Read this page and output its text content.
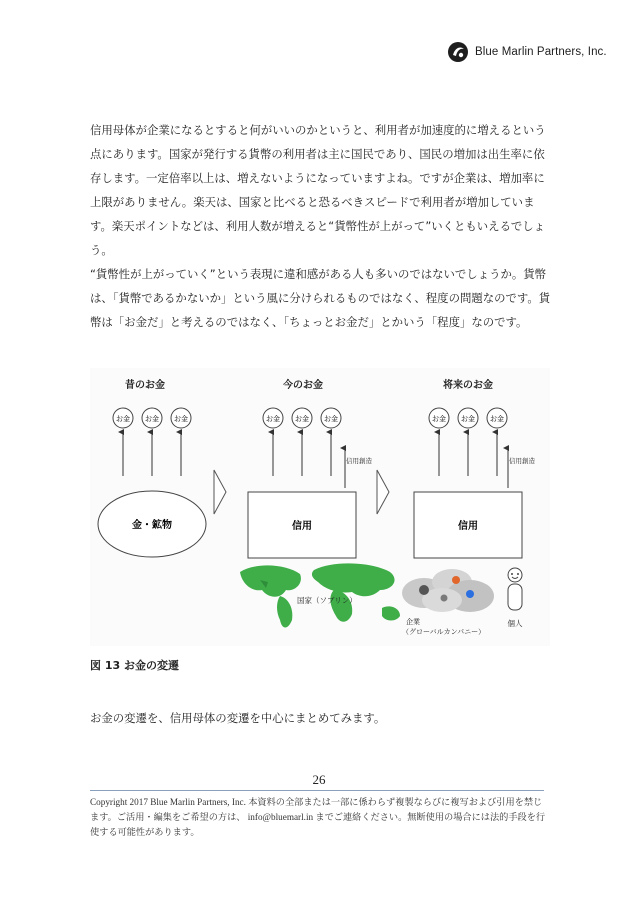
Blue Marlin Partners, Inc.

信用母体が企業になるとすると何がいいのかというと、利用者が加速度的に増えるという点にあります。国家が発行する貨幣の利用者は主に国民であり、国民の増加は出生率に依存します。一定倍率以上は、増えないようになっていますよね。ですが企業は、増加率に上限がありません。楽天は、国家と比べると恐るべきスピードで利用者が増加しています。楽天ポイントなどは、利用人数が増えると“貨幣性が上がって”いくともいえるでしょう。

“貨幣性が上がっていく”という表現に違和感がある人も多いのではないでしょうか。貨幣は、「貨幣であるかないか」という風に分けられるものではなく、程度の問題なのです。貨幣は「お金だ」と考えるのではなく、「ちょっとお金だ」とかいう「程度」なのです。

昔のお金	今のお金	将来のお金
お金 お金 お金	お金 お金 お金	お金 お金 お金
信用創造	信用創造
金・鉱物	信用	信用
国家（ソブリン）
企業
（グローバルカンパニー）
個人

図 13 お金の変遷

お金の変遷を、信用母体の変遷を中心にまとめてみます。

26

Copyright 2017 Blue Marlin Partners, Inc. 本資料の全部または一部に係わらず複製ならびに複写および引用を禁じます。ご活用・編集をご希望の方は、 info@bluemarl.in までご連絡ください。無断使用の場合には法的手段を行使する可能性があります。
